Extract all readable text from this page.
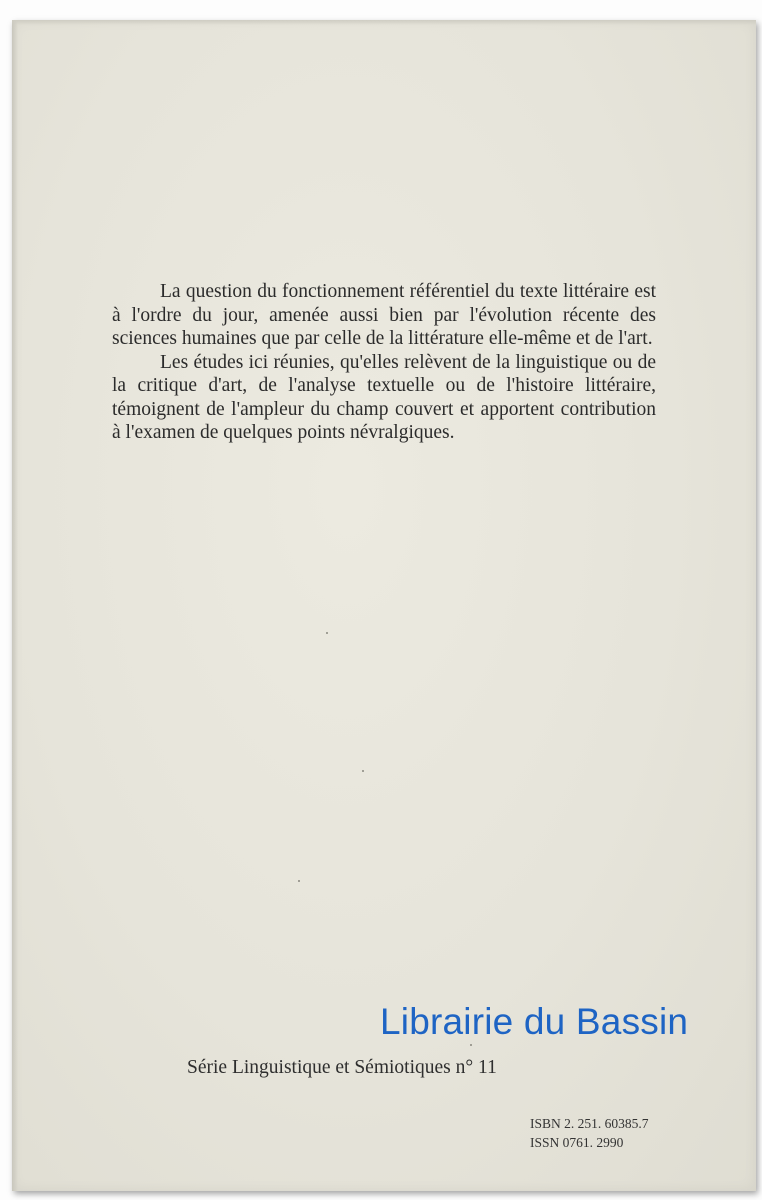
La question du fonctionnement référentiel du texte littéraire est à l'ordre du jour, amenée aussi bien par l'évolution récente des sciences humaines que par celle de la littérature elle-même et de l'art.

Les études ici réunies, qu'elles relèvent de la linguistique ou de la critique d'art, de l'analyse textuelle ou de l'histoire littéraire, témoignent de l'ampleur du champ couvert et apportent contribution à l'examen de quelques points névralgiques.

Librairie du Bassin
Série Linguistique et Sémiotiques n° 11
ISBN 2. 251. 60385.7
ISSN 0761. 2990
